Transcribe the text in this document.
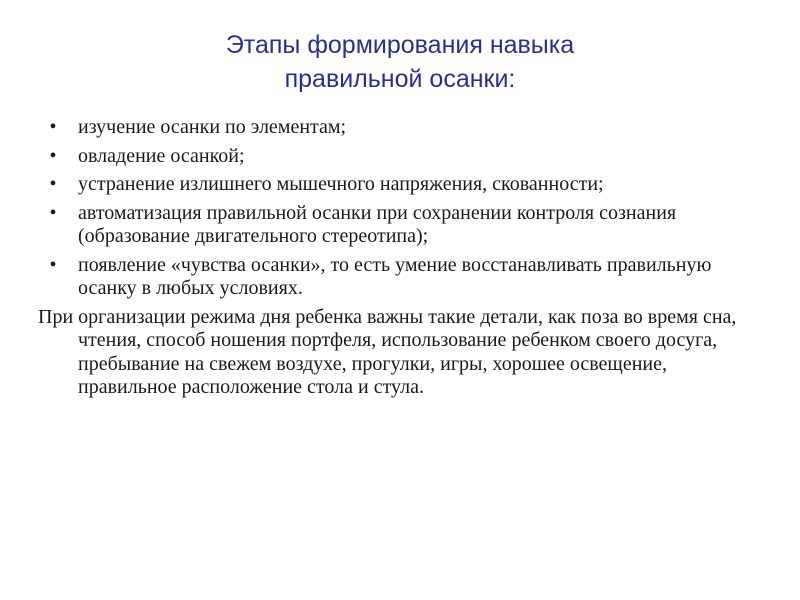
Этапы формирования навыка
правильной осанки:
• изучение осанки по элементам;
• овладение осанкой;
• устранение излишнего мышечного напряжения, скованности;
• автоматизация правильной осанки при сохранении контроля сознания (образование двигательного стереотипа);
• появление «чувства осанки», то есть умение восстанавливать правильную осанку в любых условиях.
При организации режима дня ребенка важны такие детали, как поза во время сна, чтения, способ ношения портфеля, использование ребенком своего досуга, пребывание на свежем воздухе, прогулки, игры, хорошее освещение, правильное расположение стола и стула.
